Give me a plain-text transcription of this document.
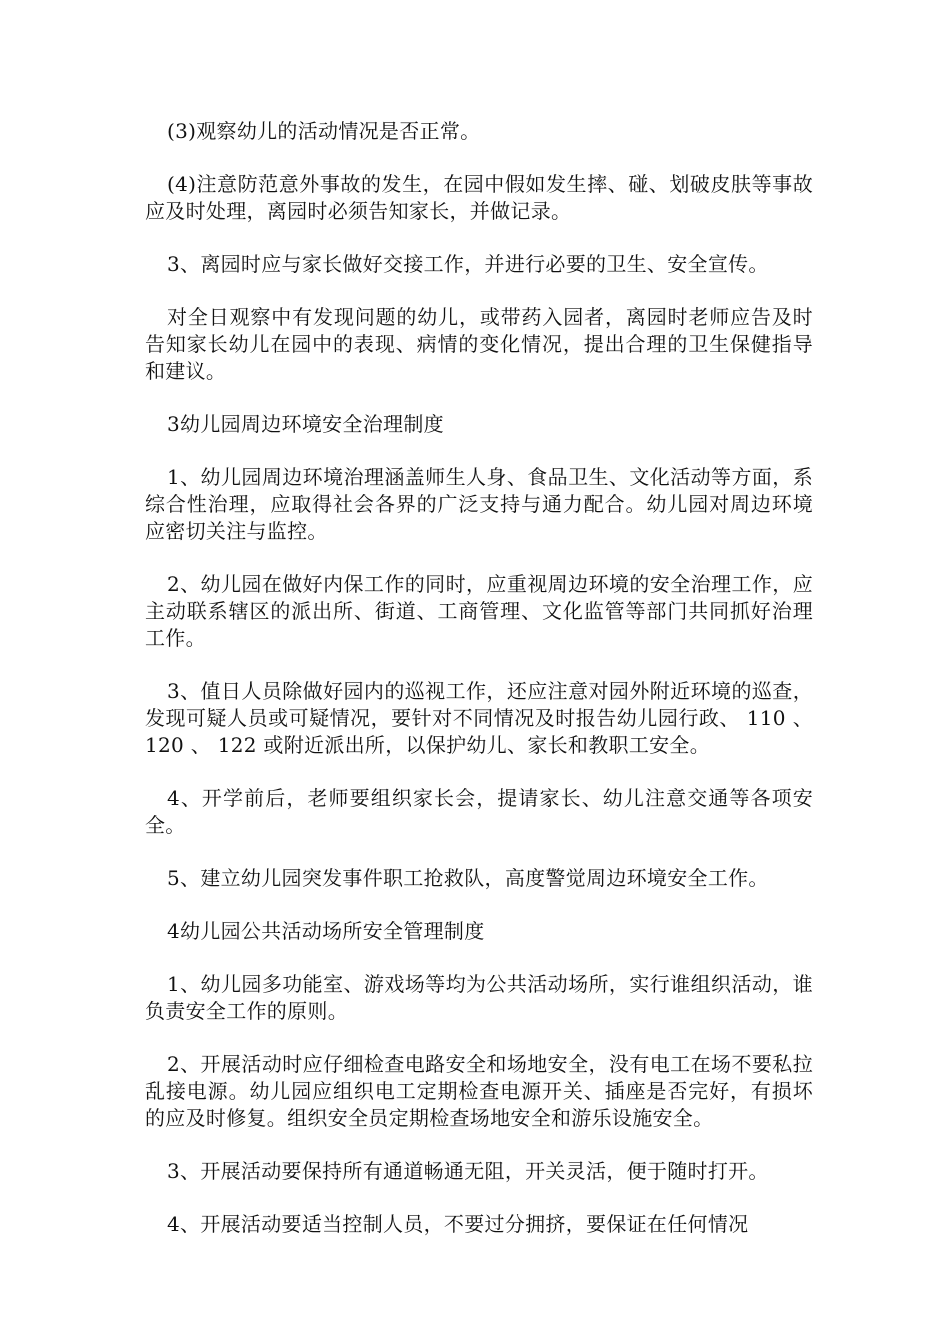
(3)观察幼儿的活动情况是否正常。

(4)注意防范意外事故的发生，在园中假如发生摔、碰、划破皮肤等事故应及时处理，离园时必须告知家长，并做记录。

3、离园时应与家长做好交接工作，并进行必要的卫生、安全宣传。

对全日观察中有发现问题的幼儿，或带药入园者，离园时老师应告及时告知家长幼儿在园中的表现、病情的变化情况，提出合理的卫生保健指导和建议。

3幼儿园周边环境安全治理制度

1、幼儿园周边环境治理涵盖师生人身、食品卫生、文化活动等方面，系综合性治理，应取得社会各界的广泛支持与通力配合。幼儿园对周边环境应密切关注与监控。

2、幼儿园在做好内保工作的同时，应重视周边环境的安全治理工作，应主动联系辖区的派出所、街道、工商管理、文化监管等部门共同抓好治理工作。

3、值日人员除做好园内的巡视工作，还应注意对园外附近环境的巡查，发现可疑人员或可疑情况，要针对不同情况及时报告幼儿园行政、 110 、 120 、 122 或附近派出所，以保护幼儿、家长和教职工安全。

4、开学前后，老师要组织家长会，提请家长、幼儿注意交通等各项安全。

5、建立幼儿园突发事件职工抢救队，高度警觉周边环境安全工作。

4幼儿园公共活动场所安全管理制度

1、幼儿园多功能室、游戏场等均为公共活动场所，实行谁组织活动，谁负责安全工作的原则。

2、开展活动时应仔细检查电路安全和场地安全，没有电工在场不要私拉乱接电源。幼儿园应组织电工定期检查电源开关、插座是否完好，有损坏的应及时修复。组织安全员定期检查场地安全和游乐设施安全。

3、开展活动要保持所有通道畅通无阻，开关灵活，便于随时打开。

4、开展活动要适当控制人员，不要过分拥挤，要保证在任何情况
